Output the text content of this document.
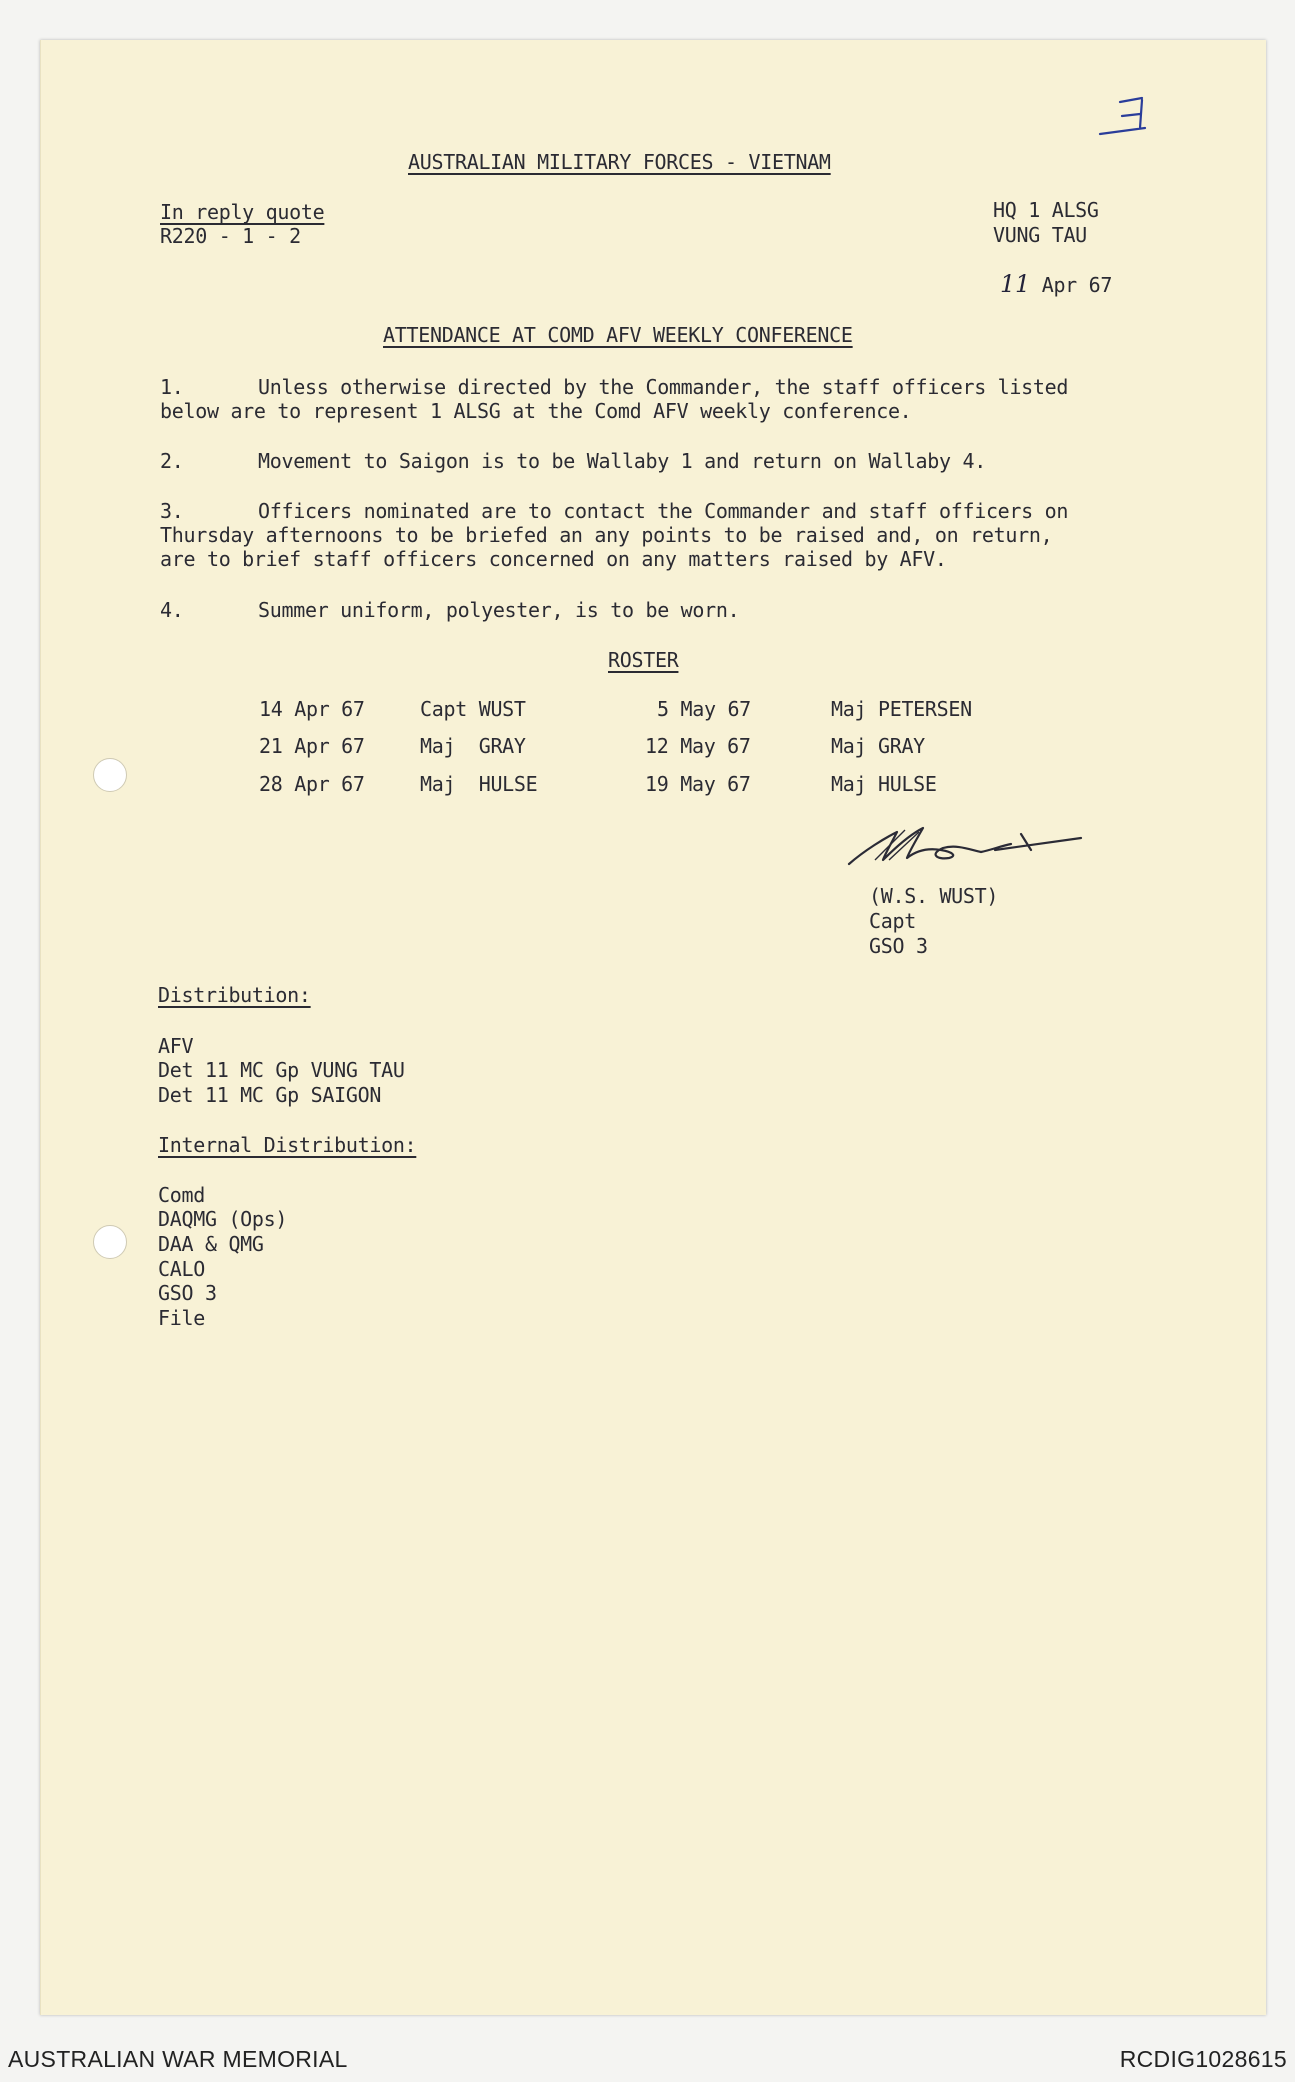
AUSTRALIAN MILITARY FORCES - VIETNAM
In reply quote
R220 - 1 - 2
HQ 1 ALSG
VUNG TAU
11 Apr 67
ATTENDANCE AT COMD AFV WEEKLY CONFERENCE
1.	Unless otherwise directed by the Commander, the staff officers listed
below are to represent 1 ALSG at the Comd AFV weekly conference.
2.	Movement to Saigon is to be Wallaby 1 and return on Wallaby 4.
3.	Officers nominated are to contact the Commander and staff officers on
Thursday afternoons to be briefed an any points to be raised and, on return,
are to brief staff officers concerned on any matters raised by AFV.
4.	Summer uniform, polyester, is to be worn.
ROSTER
14 Apr 67	Capt WUST	5 May 67	Maj PETERSEN
21 Apr 67	Maj  GRAY	12 May 67	Maj GRAY
28 Apr 67	Maj  HULSE	19 May 67	Maj HULSE
(W.S. WUST)
Capt
GSO 3
Distribution:
AFV
Det 11 MC Gp VUNG TAU
Det 11 MC Gp SAIGON
Internal Distribution:
Comd
DAQMG (Ops)
DAA & QMG
CALO
GSO 3
File
AUSTRALIAN WAR MEMORIAL	RCDIG1028615
